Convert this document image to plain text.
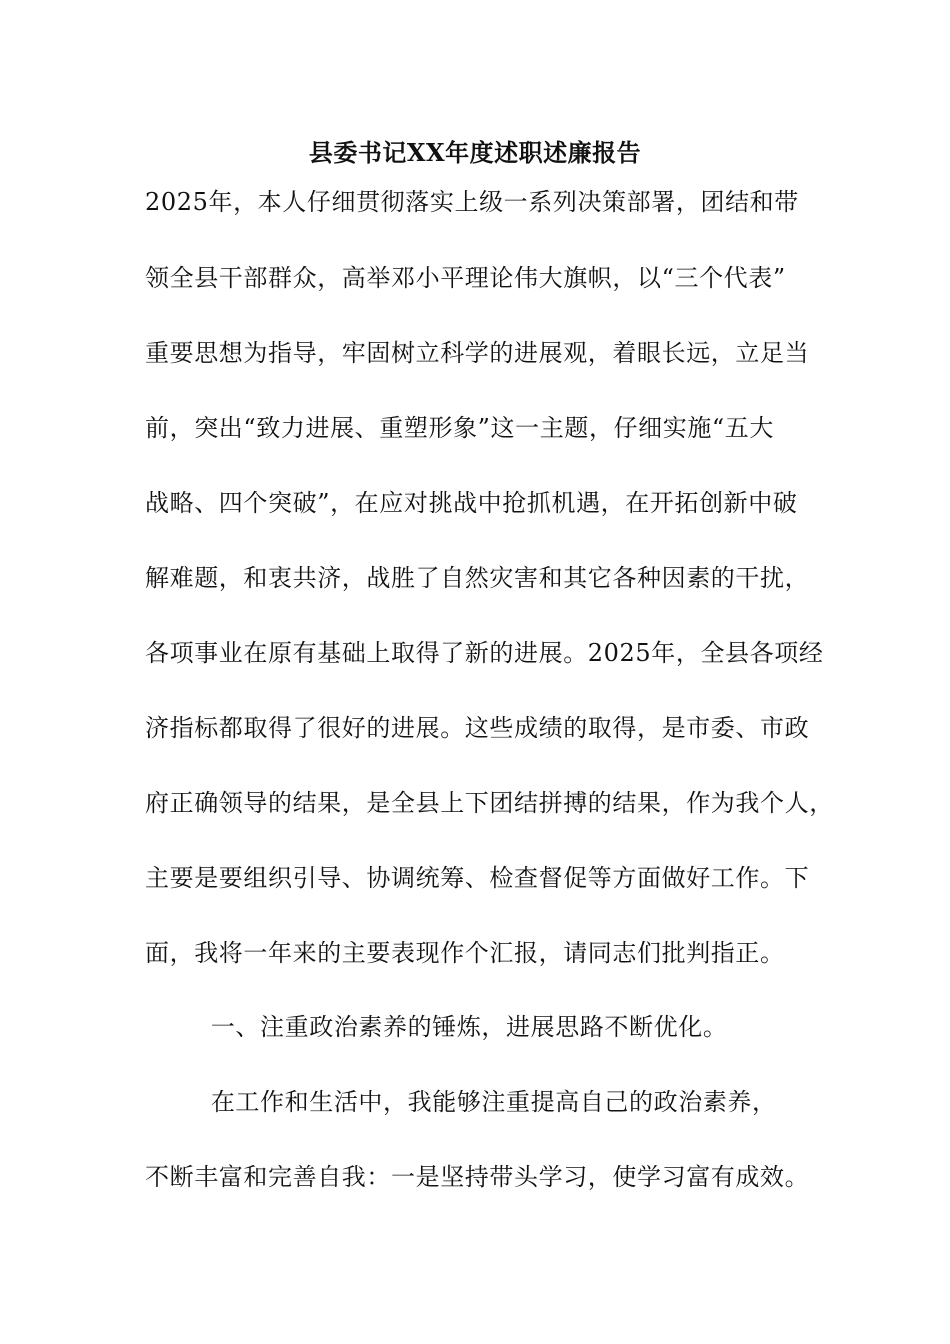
县委书记XX年度述职述廉报告
2025年，本人仔细贯彻落实上级一系列决策部署，团结和带
领全县干部群众，高举邓小平理论伟大旗帜，以“三个代表”
重要思想为指导，牢固树立科学的进展观，着眼长远，立足当
前，突出“致力进展、重塑形象”这一主题，仔细实施“五大
战略、四个突破”，在应对挑战中抢抓机遇，在开拓创新中破
解难题，和衷共济，战胜了自然灾害和其它各种因素的干扰，
各项事业在原有基础上取得了新的进展。2025年，全县各项经
济指标都取得了很好的进展。这些成绩的取得，是市委、市政
府正确领导的结果，是全县上下团结拼搏的结果，作为我个人，
主要是要组织引导、协调统筹、检查督促等方面做好工作。下
面，我将一年来的主要表现作个汇报，请同志们批判指正。
一、注重政治素养的锤炼，进展思路不断优化。
在工作和生活中，我能够注重提高自己的政治素养，
不断丰富和完善自我：一是坚持带头学习，使学习富有成效。
